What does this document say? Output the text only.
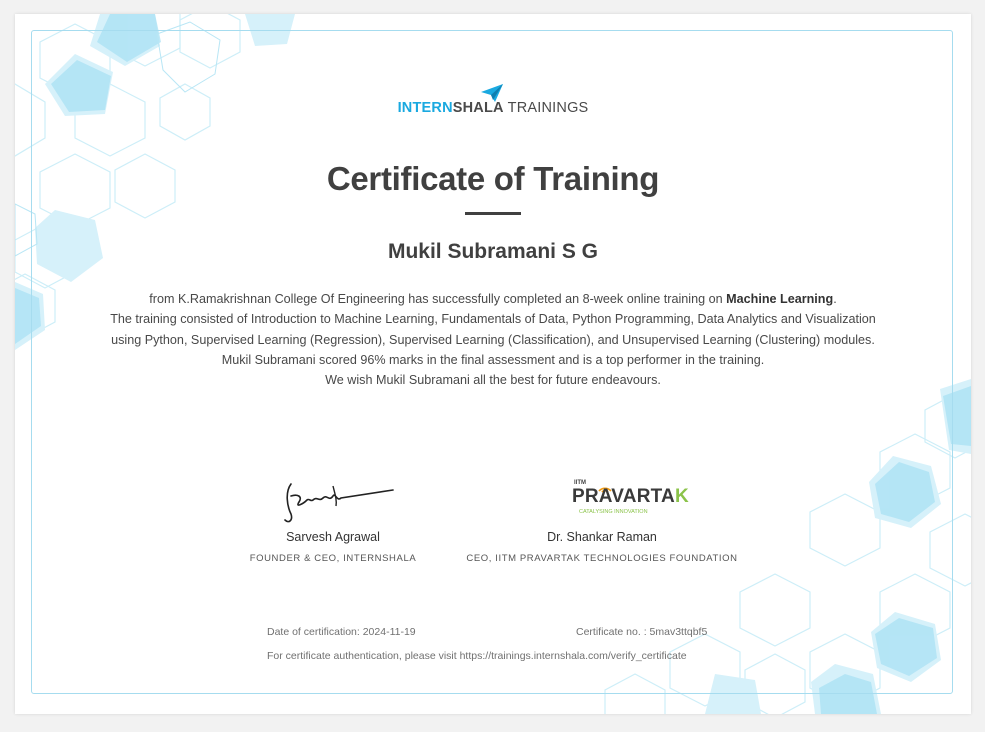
INTERNSHALA TRAININGS
Certificate of Training
Mukil Subramani S G

from K.Ramakrishnan College Of Engineering has successfully completed an 8-week online training on Machine Learning.

The training consisted of Introduction to Machine Learning, Fundamentals of Data, Python Programming, Data Analytics and Visualization using Python, Supervised Learning (Regression), Supervised Learning (Classification), and Unsupervised Learning (Clustering) modules.

Mukil Subramani scored 96% marks in the final assessment and is a top performer in the training.

We wish Mukil Subramani all the best for future endeavours.

Sarvesh Agrawal
FOUNDER & CEO, INTERNSHALA
IITM
PRAVARTAK
CATALYSING INNOVATION
Dr. Shankar Raman
CEO, IITM PRAVARTAK TECHNOLOGIES FOUNDATION
Date of certification: 2024-11-19	Certificate no. : 5mav3ttqbf5
For certificate authentication, please visit https://trainings.internshala.com/verify_certificate
